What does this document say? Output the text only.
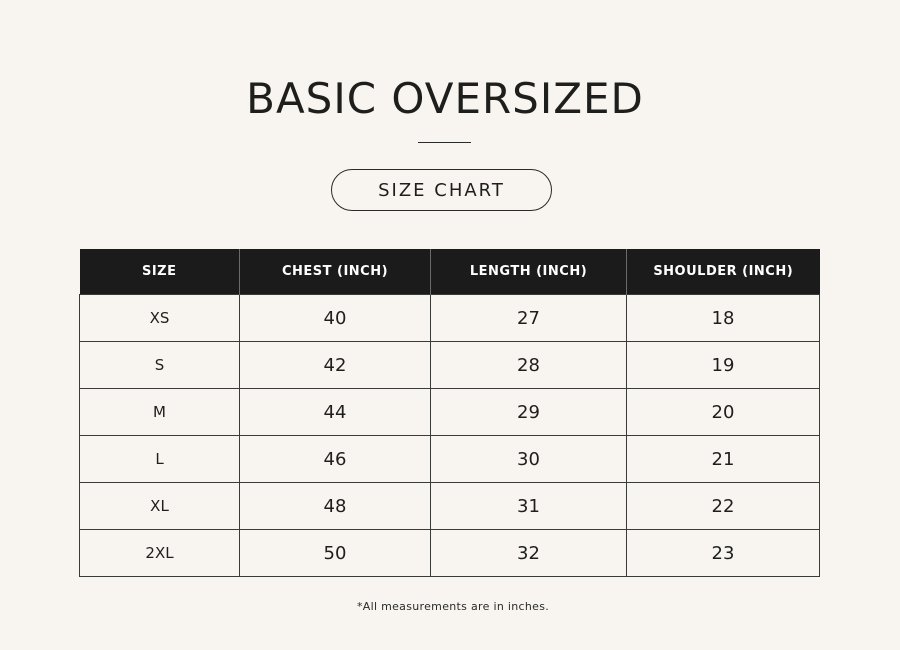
BASIC OVERSIZED
SIZE CHART
SIZE	CHEST (INCH)	LENGTH (INCH)	SHOULDER (INCH)
XS	40	27	18
S	42	28	19
M	44	29	20
L	46	30	21
XL	48	31	22
2XL	50	32	23
*All measurements are in inches.
